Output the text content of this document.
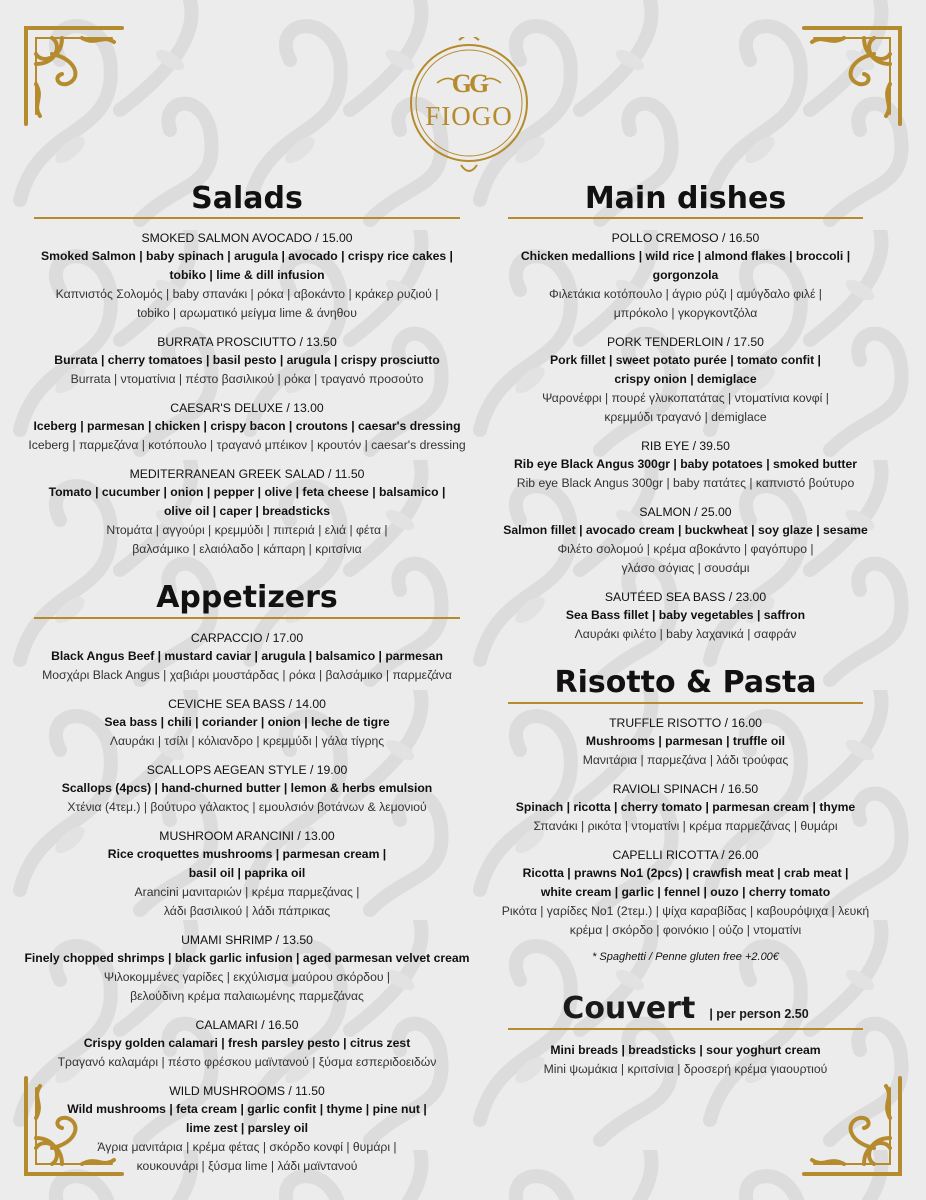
GG
FIOGO
Salads
SMOKED SALMON AVOCADO / 15.00
Smoked Salmon | baby spinach | arugula | avocado | crispy rice cakes |
tobiko | lime & dill infusion
Καπνιστός Σολομός | baby σπανάκι | ρόκα | αβοκάντο | κράκερ ρυζιού |
tobiko | αρωματικό μείγμα lime & άνηθου
BURRATA PROSCIUTTO / 13.50
Burrata | cherry tomatoes | basil pesto | arugula | crispy prosciutto
Burrata | ντοματίνια | πέστο βασιλικού | ρόκα | τραγανό προσούτο
CAESAR'S DELUXE / 13.00
Iceberg | parmesan | chicken | crispy bacon | croutons | caesar's dressing
Iceberg | παρμεζάνα | κοτόπουλο | τραγανό μπέικον | κρουτόν | caesar's dressing
MEDITERRANEAN GREEK SALAD / 11.50
Tomato | cucumber | onion | pepper | olive | feta cheese | balsamico |
olive oil | caper | breadsticks
Ντομάτα | αγγούρι | κρεμμύδι | πιπεριά | ελιά | φέτα |
βαλσάμικο | ελαιόλαδο | κάπαρη | κριτσίνια
Appetizers
CARPACCIO / 17.00
Black Angus Beef | mustard caviar | arugula | balsamico | parmesan
Μοσχάρι Black Angus | χαβιάρι μουστάρδας | ρόκα | βαλσάμικο | παρμεζάνα
CEVICHE SEA BASS / 14.00
Sea bass | chili | coriander | onion | leche de tigre
Λαυράκι | τσίλι | κόλιανδρο | κρεμμύδι | γάλα τίγρης
SCALLOPS AEGEAN STYLE / 19.00
Scallops (4pcs) | hand-churned butter | lemon & herbs emulsion
Χτένια (4τεμ.) | βούτυρο γάλακτος | εμουλσιόν βοτάνων & λεμονιού
MUSHROOM ARANCINI / 13.00
Rice croquettes mushrooms | parmesan cream |
basil oil | paprika oil
Arancini μανιταριών | κρέμα παρμεζάνας |
λάδι βασιλικού | λάδι πάπρικας
UMAMI SHRIMP / 13.50
Finely chopped shrimps | black garlic infusion | aged parmesan velvet cream
Ψιλοκομμένες γαρίδες | εκχύλισμα μαύρου σκόρδου |
βελούδινη κρέμα παλαιωμένης παρμεζάνας
CALAMARI / 16.50
Crispy golden calamari | fresh parsley pesto | citrus zest
Τραγανό καλαμάρι | πέστο φρέσκου μαϊντανού | ξύσμα εσπεριδοειδών
WILD MUSHROOMS / 11.50
Wild mushrooms | feta cream | garlic confit | thyme | pine nut |
lime zest | parsley oil
Άγρια μανιτάρια | κρέμα φέτας | σκόρδο κονφί | θυμάρι |
κουκουνάρι | ξύσμα lime | λάδι μαϊντανού
Main dishes
POLLO CREMOSO / 16.50
Chicken medallions | wild rice | almond flakes | broccoli | gorgonzola
Φιλετάκια κοτόπουλο | άγριο ρύζι | αμύγδαλο φιλέ |
μπρόκολο | γκοργκοντζόλα
PORK TENDERLOIN / 17.50
Pork fillet | sweet potato purée | tomato confit |
crispy onion | demiglace
Ψαρονέφρι | πουρέ γλυκοπατάτας | ντοματίνια κονφί |
κρεμμύδι τραγανό | demiglace
RIB EYE / 39.50
Rib eye Black Angus 300gr | baby potatoes | smoked butter
Rib eye Black Angus 300gr | baby πατάτες | καπνιστό βούτυρο
SALMON / 25.00
Salmon fillet | avocado cream | buckwheat | soy glaze | sesame
Φιλέτο σολομού | κρέμα αβοκάντο | φαγόπυρο |
γλάσο σόγιας | σουσάμι
SAUTÉED SEA BASS / 23.00
Sea Bass fillet | baby vegetables | saffron
Λαυράκι φιλέτο | baby λαχανικά | σαφράν
Risotto & Pasta
TRUFFLE RISOTTO / 16.00
Mushrooms | parmesan | truffle oil
Μανιτάρια | παρμεζάνα | λάδι τρούφας
RAVIOLI SPINACH / 16.50
Spinach | ricotta | cherry tomato | parmesan cream | thyme
Σπανάκι | ρικότα | ντοματίνι | κρέμα παρμεζάνας | θυμάρι
CAPELLI RICOTTA / 26.00
Ricotta | prawns No1 (2pcs) | crawfish meat | crab meat |
white cream | garlic | fennel | ouzo | cherry tomato
Ρικότα | γαρίδες Νο1 (2τεμ.) | ψίχα καραβίδας | καβουρόψιχα | λευκή
κρέμα | σκόρδο | φοινόκιο | ούζο | ντοματίνι
* Spaghetti / Penne gluten free +2.00€
Couvert | per person 2.50
Mini breads | breadsticks | sour yoghurt cream
Mini ψωμάκια | κριτσίνια | δροσερή κρέμα γιαουρτιού
